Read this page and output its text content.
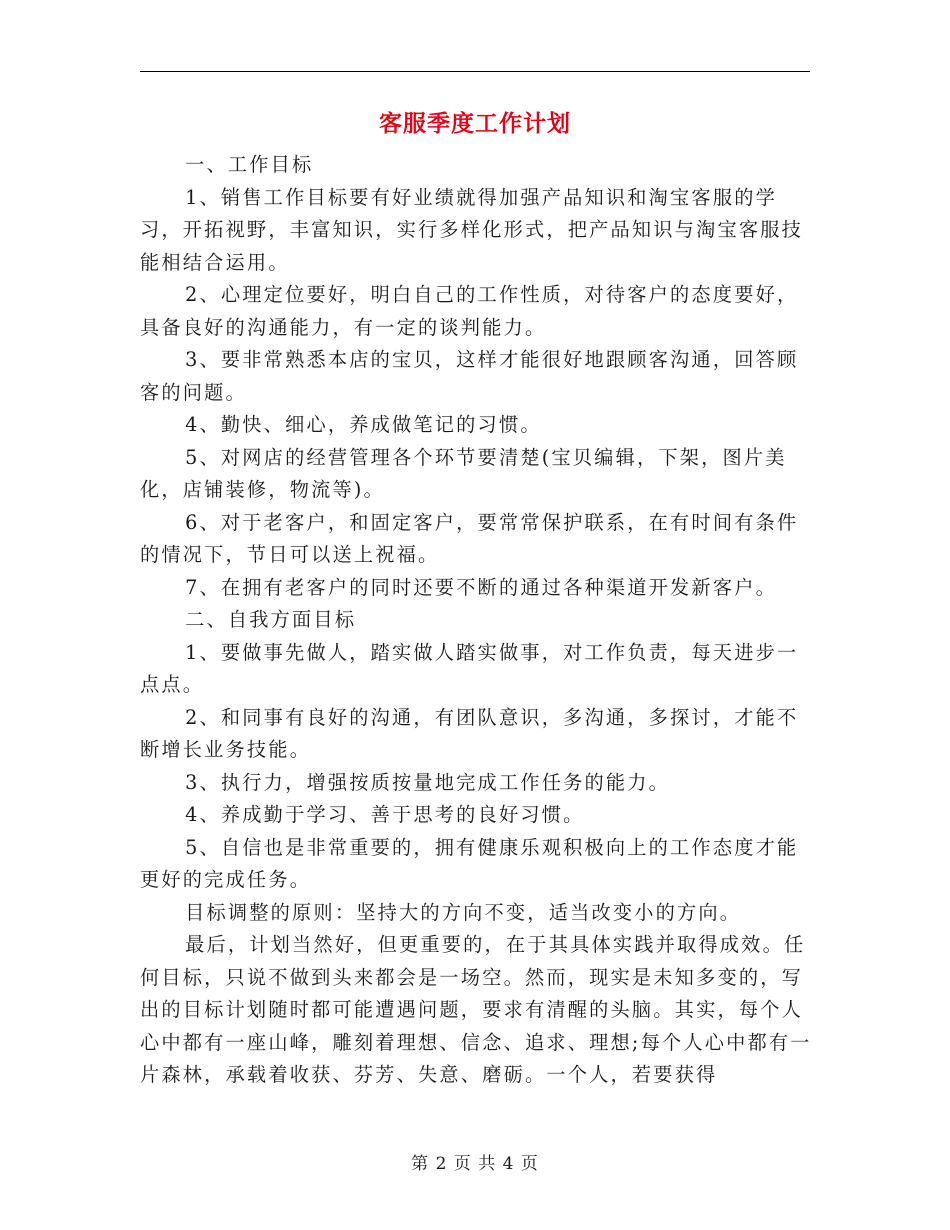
客服季度工作计划

一、工作目标

1、销售工作目标要有好业绩就得加强产品知识和淘宝客服的学习，开拓视野，丰富知识，实行多样化形式，把产品知识与淘宝客服技能相结合运用。

2、心理定位要好，明白自己的工作性质，对待客户的态度要好，具备良好的沟通能力，有一定的谈判能力。

3、要非常熟悉本店的宝贝，这样才能很好地跟顾客沟通，回答顾客的问题。

4、勤快、细心，养成做笔记的习惯。

5、对网店的经营管理各个环节要清楚(宝贝编辑，下架，图片美化，店铺装修，物流等)。

6、对于老客户，和固定客户，要常常保护联系，在有时间有条件的情况下，节日可以送上祝福。

7、在拥有老客户的同时还要不断的通过各种渠道开发新客户。

二、自我方面目标

1、要做事先做人，踏实做人踏实做事，对工作负责，每天进步一点点。

2、和同事有良好的沟通，有团队意识，多沟通，多探讨，才能不断增长业务技能。

3、执行力，增强按质按量地完成工作任务的能力。

4、养成勤于学习、善于思考的良好习惯。

5、自信也是非常重要的，拥有健康乐观积极向上的工作态度才能更好的完成任务。

目标调整的原则：坚持大的方向不变，适当改变小的方向。

最后，计划当然好，但更重要的，在于其具体实践并取得成效。任何目标，只说不做到头来都会是一场空。然而，现实是未知多变的，写出的目标计划随时都可能遭遇问题，要求有清醒的头脑。其实，每个人心中都有一座山峰，雕刻着理想、信念、追求、理想;每个人心中都有一片森林，承载着收获、芬芳、失意、磨砺。一个人，若要获得

第 2 页 共 4 页
